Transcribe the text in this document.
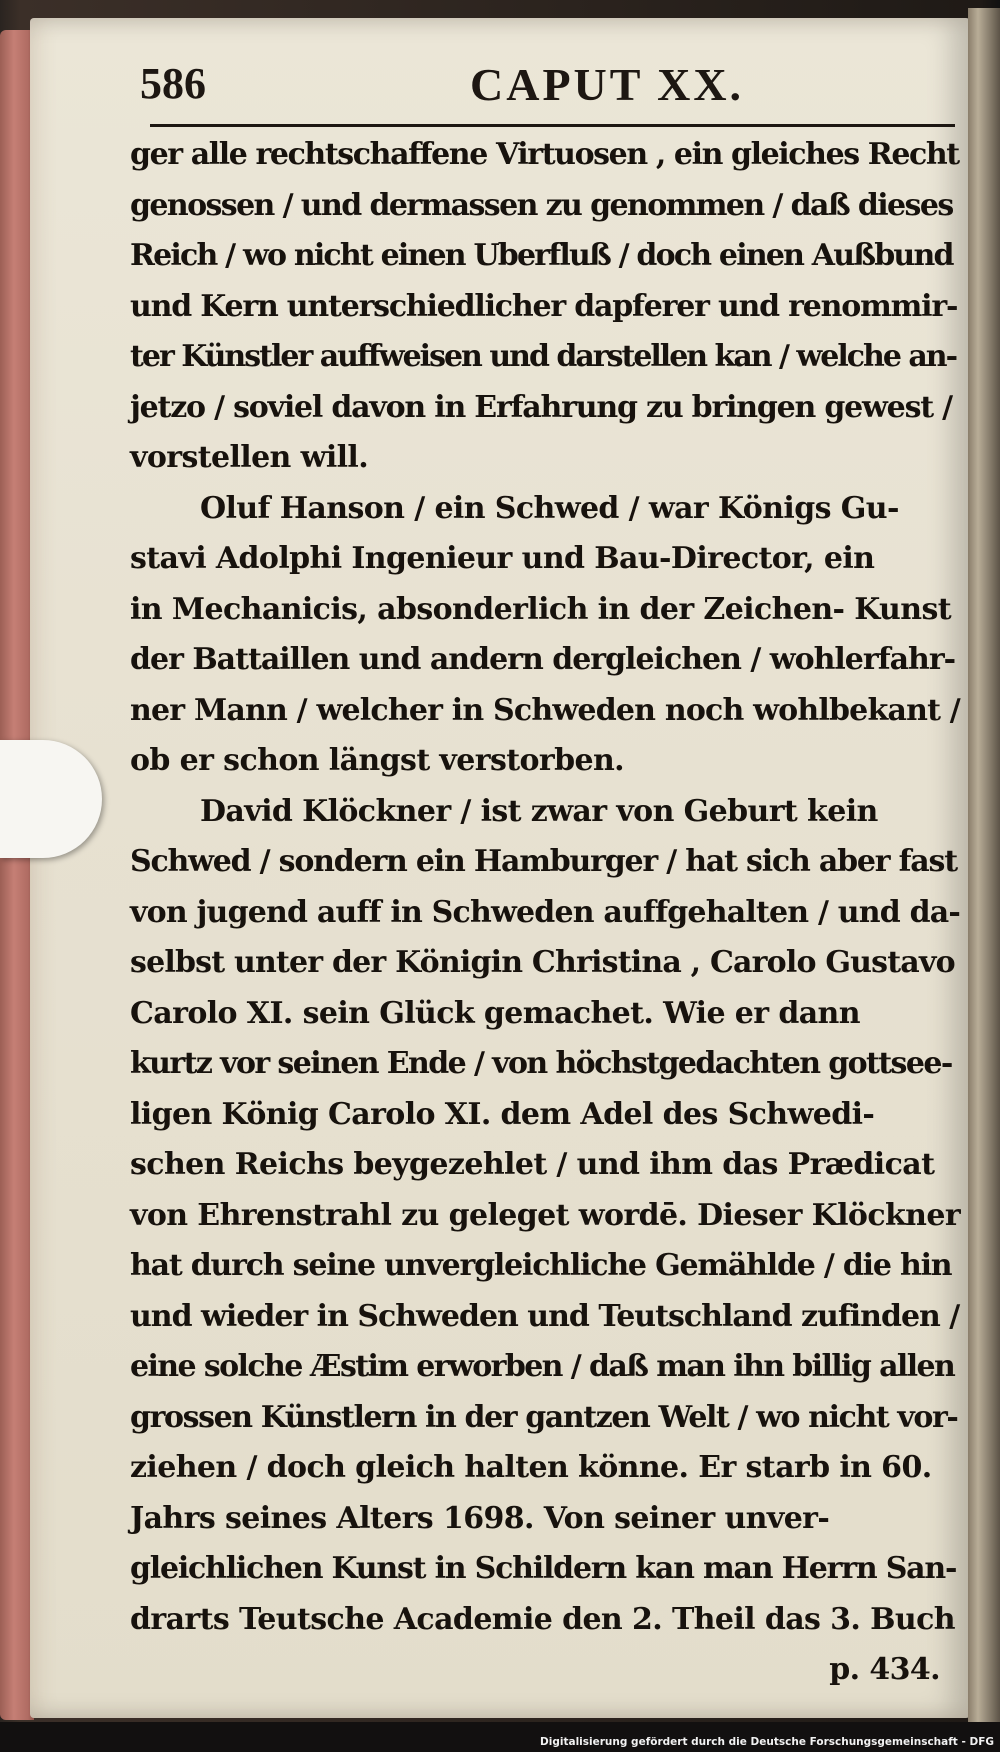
586	CAPUT XX.
ger alle rechtschaffene Virtuosen , ein gleiches Recht
genossen / und dermassen zu genommen / daß dieses
Reich / wo nicht einen Uberfluß / doch einen Außbund
und Kern unterschiedlicher dapferer und renommir-
ter Künstler auffweisen und darstellen kan / welche an-
jetzo / soviel davon in Erfahrung zu bringen gewest /
vorstellen will.
Oluf Hanson / ein Schwed / war Königs Gu-
stavi Adolphi Ingenieur und Bau-Director, ein
in Mechanicis, absonderlich in der Zeichen- Kunst
der Battaillen und andern dergleichen / wohlerfahr-
ner Mann / welcher in Schweden noch wohlbekant /
ob er schon längst verstorben.
David Klöckner / ist zwar von Geburt kein
Schwed / sondern ein Hamburger / hat sich aber fast
von jugend auff in Schweden auffgehalten / und da-
selbst unter der Königin Christina , Carolo Gustavo
Carolo XI. sein Glück gemachet. Wie er dann
kurtz vor seinen Ende / von höchstgedachten gottsee-
ligen König Carolo XI. dem Adel des Schwedi-
schen Reichs beygezehlet / und ihm das Prædicat
von Ehrenstrahl zu geleget wordē. Dieser Klöckner
hat durch seine unvergleichliche Gemählde / die hin
und wieder in Schweden und Teutschland zufinden /
eine solche Æstim erworben / daß man ihn billig allen
grossen Künstlern in der gantzen Welt / wo nicht vor-
ziehen / doch gleich halten könne. Er starb in 60.
Jahrs seines Alters 1698. Von seiner unver-
gleichlichen Kunst in Schildern kan man Herrn San-
drarts Teutsche Academie den 2. Theil das 3. Buch
p. 434.
Digitalisierung gefördert durch die Deutsche Forschungsgemeinschaft - DFG
